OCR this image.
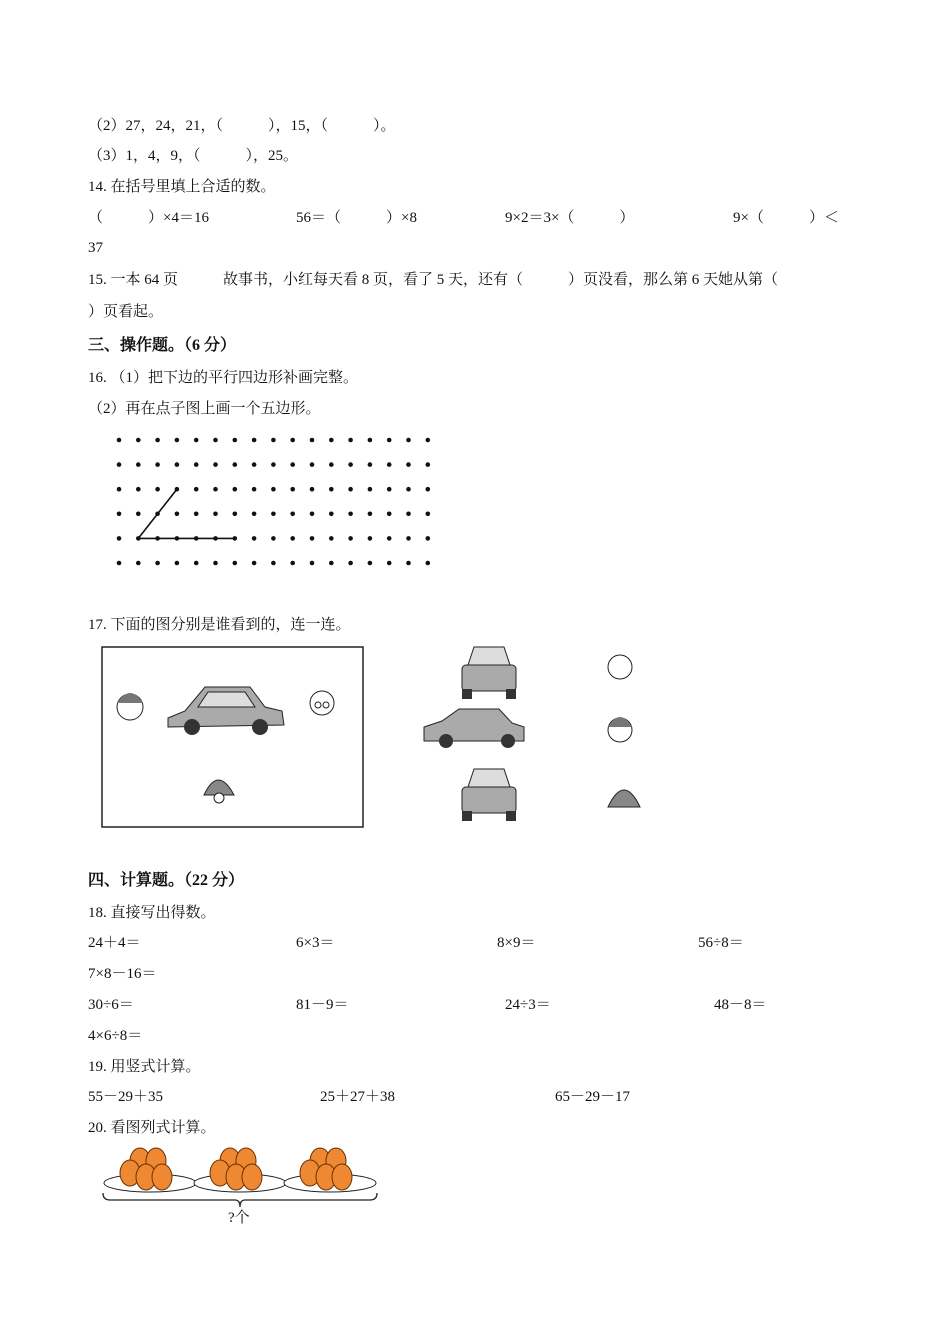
（2）27，24，21，（　　　），15，（　　　）。
（3）1，4，9，（　　　），25。
14. 在括号里填上合适的数。
（　　　）×4＝16	56＝（　　　）×8	9×2＝3×（　　　）	9×（　　　）＜
37
15. 一本 64 页　　　故事书，小红每天看 8 页，看了 5 天，还有（　　　）页没看，那么第 6 天她从第（
）页看起。
三、操作题。（6 分）
16. （1）把下边的平行四边形补画完整。
（2）再在点子图上画一个五边形。
17. 下面的图分别是谁看到的，连一连。
四、计算题。（22 分）
18. 直接写出得数。
24＋4＝	6×3＝	8×9＝	56÷8＝
7×8－16＝
30÷6＝	81－9＝	24÷3＝	48－8＝
4×6÷8＝
19. 用竖式计算。
55－29＋35	25＋27＋38	65－29－17
20. 看图列式计算。
?个
